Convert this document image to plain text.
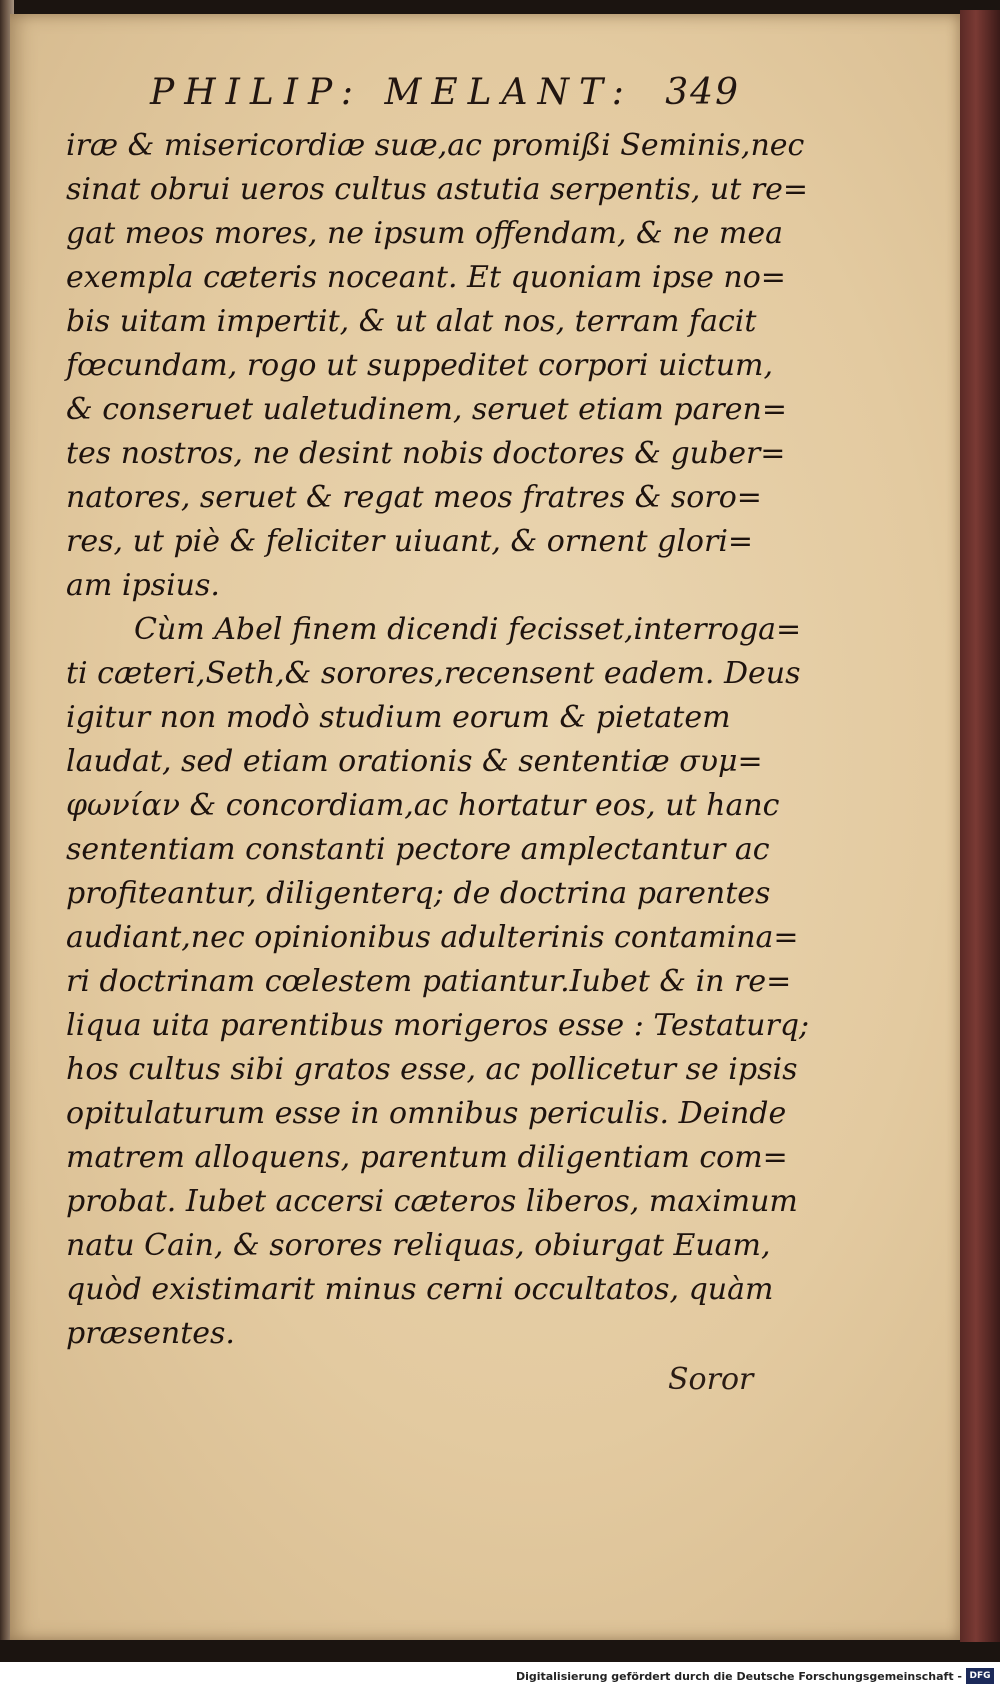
PHILIP: MELANT: 349
iræ & misericordiæ suæ,ac promißi Seminis,nec
sinat obrui ueros cultus astutia serpentis, ut re=
gat meos mores, ne ipsum offendam, & ne mea
exempla cæteris noceant. Et quoniam ipse no=
bis uitam impertit, & ut alat nos, terram facit
fœcundam, rogo ut suppeditet corpori uictum,
& conseruet ualetudinem, seruet etiam paren=
tes nostros, ne desint nobis doctores & guber=
natores, seruet & regat meos fratres & soro=
res, ut piè & feliciter uiuant, & ornent glori=
am ipsius.
Cùm Abel finem dicendi fecisset,interroga=
ti cæteri,Seth,& sorores,recensent eadem. Deus
igitur non modò studium eorum & pietatem
laudat, sed etiam orationis & sententiæ συμ=
φωνίαν & concordiam,ac hortatur eos, ut hanc
sententiam constanti pectore amplectantur ac
profiteantur, diligenterq; de doctrina parentes
audiant,nec opinionibus adulterinis contamina=
ri doctrinam cœlestem patiantur.Iubet & in re=
liqua uita parentibus morigeros esse : Testaturq;
hos cultus sibi gratos esse, ac pollicetur se ipsis
opitulaturum esse in omnibus periculis. Deinde
matrem alloquens, parentum diligentiam com=
probat. Iubet accersi cæteros liberos, maximum
natu Cain, & sorores reliquas, obiurgat Euam,
quòd existimarit minus cerni occultatos, quàm
præsentes.
Soror
Digitalisierung gefördert durch die Deutsche Forschungsgemeinschaft - DFG
